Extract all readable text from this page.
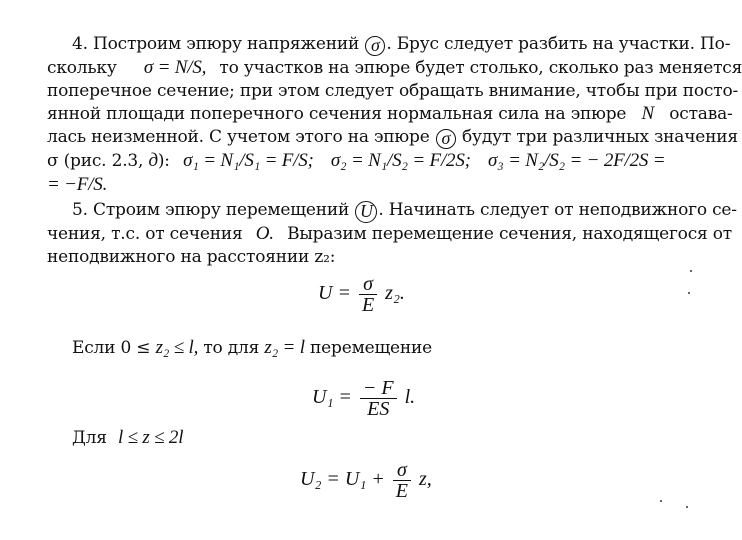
4. Построим эпюру напряжений σ . Брус следует разбить на участки. По-
скольку σ = N/S, то участков на эпюре будет столько, сколько раз меняется
поперечное сечение; при этом следует обращать внимание, чтобы при посто-
янной площади поперечного сечения нормальная сила на эпюре N остава-
лась неизменной. С учетом этого на эпюре σ будут три различных значения
σ (рис. 2.3, д): σ₁ = N₁/S₁ = F/S; σ₂ = N₁/S₂ = F/2S; σ₃ = N₂/S₂ = − 2F/2S =
= −F/S.
5. Строим эпюру перемещений U . Начинать следует от неподвижного се-
чения, т.с. от сечения O. Выразим перемещение сечения, находящегося от
неподвижного на расстоянии z₂:
$U = \frac{\sigma}{E} z_2$.
Если 0 ≤ z₂ ≤ l, то для z₂ = l перемещение
$U_1 = \frac{- F}{ES} l$.
Для l ≤ z ≤ 2l
$U_2 = U_1 + \frac{\sigma}{E} z$,
